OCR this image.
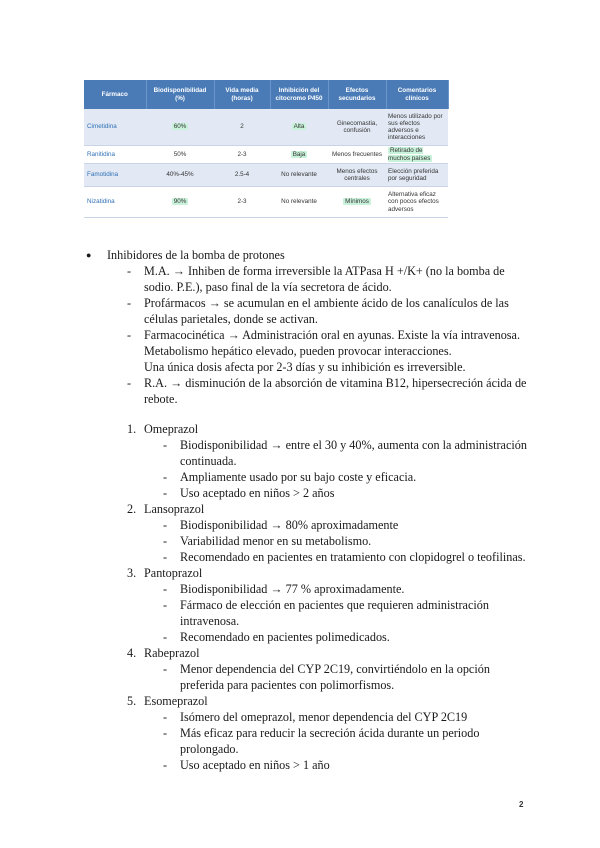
Fármaco	Biodisponibilidad (%)	Vida media (horas)	Inhibición del citocromo P450	Efectos secundarios	Comentarios clínicos
Cimetidina	60%	2	Alta	Ginecomastia, confusión	Menos utilizado por sus efectos adversos e interacciones
Ranitidina	50%	2-3	Baja	Menos frecuentes	Retirado de muchos países
Famotidina	40%-45%	2.5-4	No relevante	Menos efectos centrales	Elección preferida por seguridad
Nizatidina	90%	2-3	No relevante	Mínimos	Alternativa eficaz con pocos efectos adversos
● Inhibidores de la bomba de protones
- M.A. → Inhiben de forma irreversible la ATPasa H +/K+ (no la bomba de
sodio. P.E.), paso final de la vía secretora de ácido.
- Profármacos → se acumulan en el ambiente ácido de los canalículos de las
células parietales, donde se activan.
- Farmacocinética → Administración oral en ayunas. Existe la vía intravenosa.
Metabolismo hepático elevado, pueden provocar interacciones.
Una única dosis afecta por 2-3 días y su inhibición es irreversible.
- R.A. → disminución de la absorción de vitamina B12, hipersecreción ácida de
rebote.
1. Omeprazol
- Biodisponibilidad → entre el 30 y 40%, aumenta con la administración
continuada.
- Ampliamente usado por su bajo coste y eficacia.
- Uso aceptado en niños > 2 años
2. Lansoprazol
- Biodisponibilidad → 80% aproximadamente
- Variabilidad menor en su metabolismo.
- Recomendado en pacientes en tratamiento con clopidogrel o teofilinas.
3. Pantoprazol
- Biodisponibilidad → 77 % aproximadamente.
- Fármaco de elección en pacientes que requieren administración
intravenosa.
- Recomendado en pacientes polimedicados.
4. Rabeprazol
- Menor dependencia del CYP 2C19, convirtiéndolo en la opción
preferida para pacientes con polimorfismos.
5. Esomeprazol
- Isómero del omeprazol, menor dependencia del CYP 2C19
- Más eficaz para reducir la secreción ácida durante un periodo
prolongado.
- Uso aceptado en niños > 1 año
2
